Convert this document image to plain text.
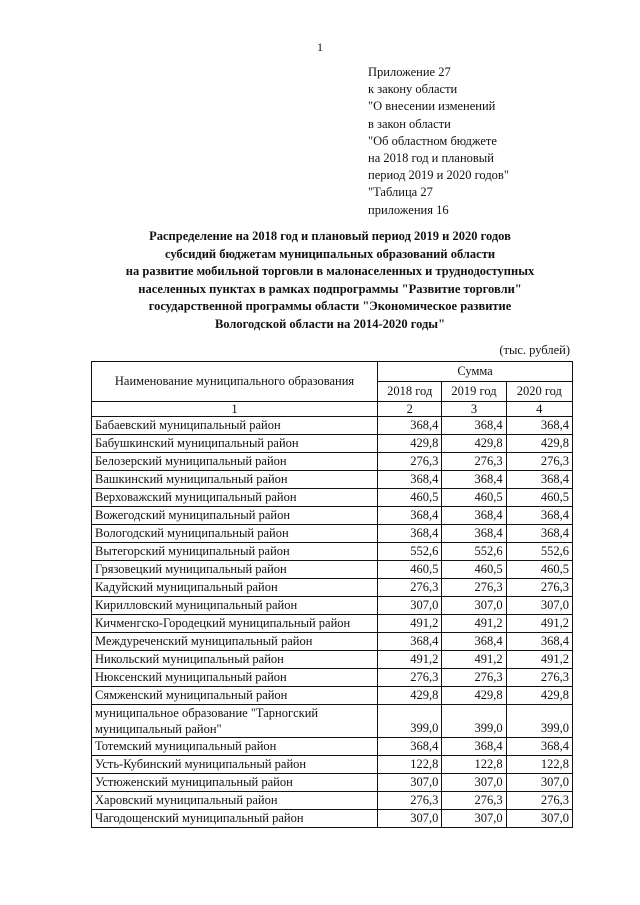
1
Приложение 27
к закону области
"О внесении изменений
в закон области
"Об областном бюджете
на 2018 год и плановый
период 2019 и 2020 годов"
"Таблица 27
приложения 16
Распределение на 2018 год и плановый период 2019 и 2020 годов
субсидий бюджетам муниципальных образований области
на развитие мобильной торговли в малонаселенных и труднодоступных
населенных пунктах в рамках подпрограммы "Развитие торговли"
государственной программы области "Экономическое развитие
Вологодской области на 2014-2020 годы"
(тыс. рублей)
Наименование муниципального образования	Сумма		
	2018 год	2019 год	2020 год
1	2	3	4
Бабаевский муниципальный район	368,4	368,4	368,4
Бабушкинский муниципальный район	429,8	429,8	429,8
Белозерский муниципальный район	276,3	276,3	276,3
Вашкинский муниципальный район	368,4	368,4	368,4
Верховажский муниципальный район	460,5	460,5	460,5
Вожегодский муниципальный район	368,4	368,4	368,4
Вологодский муниципальный район	368,4	368,4	368,4
Вытегорский муниципальный район	552,6	552,6	552,6
Грязовецкий муниципальный район	460,5	460,5	460,5
Кадуйский муниципальный район	276,3	276,3	276,3
Кирилловский муниципальный район	307,0	307,0	307,0
Кичменгско-Городецкий муниципальный район	491,2	491,2	491,2
Междуреченский муниципальный район	368,4	368,4	368,4
Никольский муниципальный район	491,2	491,2	491,2
Нюксенский муниципальный район	276,3	276,3	276,3
Сямженский муниципальный район	429,8	429,8	429,8
муниципальное образование "Тарногский муниципальный район"	399,0	399,0	399,0
Тотемский муниципальный район	368,4	368,4	368,4
Усть-Кубинский муниципальный район	122,8	122,8	122,8
Устюженский муниципальный район	307,0	307,0	307,0
Харовский муниципальный район	276,3	276,3	276,3
Чагодощенский муниципальный район	307,0	307,0	307,0
